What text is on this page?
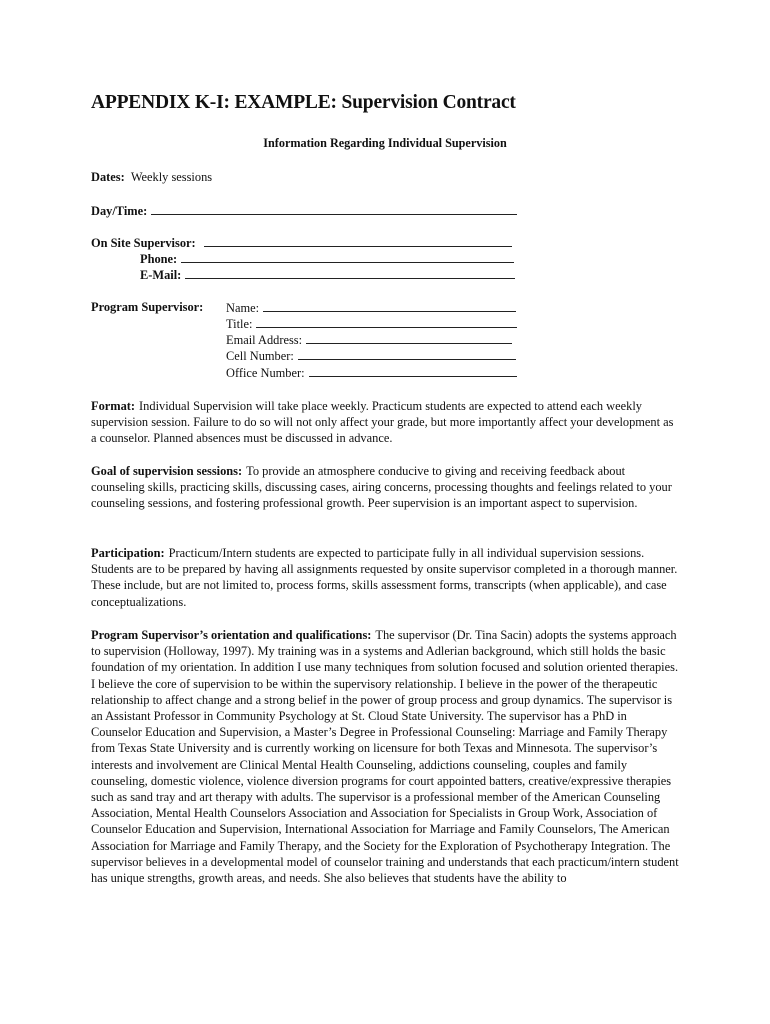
APPENDIX K-I: EXAMPLE: Supervision Contract
Information Regarding Individual Supervision
Dates: Weekly sessions
Day/Time:
On Site Supervisor:
Phone:
E-Mail:
Program Supervisor: Name:
Title:
Email Address:
Cell Number:
Office Number:
Format: Individual Supervision will take place weekly. Practicum students are expected to attend each weekly supervision session. Failure to do so will not only affect your grade, but more importantly affect your development as a counselor. Planned absences must be discussed in advance.
Goal of supervision sessions: To provide an atmosphere conducive to giving and receiving feedback about counseling skills, practicing skills, discussing cases, airing concerns, processing thoughts and feelings related to your counseling sessions, and fostering professional growth. Peer supervision is an important aspect to supervision.
Participation: Practicum/Intern students are expected to participate fully in all individual supervision sessions. Students are to be prepared by having all assignments requested by onsite supervisor completed in a thorough manner. These include, but are not limited to, process forms, skills assessment forms, transcripts (when applicable), and case conceptualizations.
Program Supervisor’s orientation and qualifications: The supervisor (Dr. Tina Sacin) adopts the systems approach to supervision (Holloway, 1997). My training was in a systems and Adlerian background, which still holds the basic foundation of my orientation. In addition I use many techniques from solution focused and solution oriented therapies. I believe the core of supervision to be within the supervisory relationship. I believe in the power of the therapeutic relationship to affect change and a strong belief in the power of group process and group dynamics. The supervisor is an Assistant Professor in Community Psychology at St. Cloud State University. The supervisor has a PhD in Counselor Education and Supervision, a Master’s Degree in Professional Counseling: Marriage and Family Therapy from Texas State University and is currently working on licensure for both Texas and Minnesota. The supervisor’s interests and involvement are Clinical Mental Health Counseling, addictions counseling, couples and family counseling, domestic violence, violence diversion programs for court appointed batters, creative/expressive therapies such as sand tray and art therapy with adults. The supervisor is a professional member of the American Counseling Association, Mental Health Counselors Association and Association for Specialists in Group Work, Association of Counselor Education and Supervision, International Association for Marriage and Family Counselors, The American Association for Marriage and Family Therapy, and the Society for the Exploration of Psychotherapy Integration. The supervisor believes in a developmental model of counselor training and understands that each practicum/intern student has unique strengths, growth areas, and needs. She also believes that students have the ability to
